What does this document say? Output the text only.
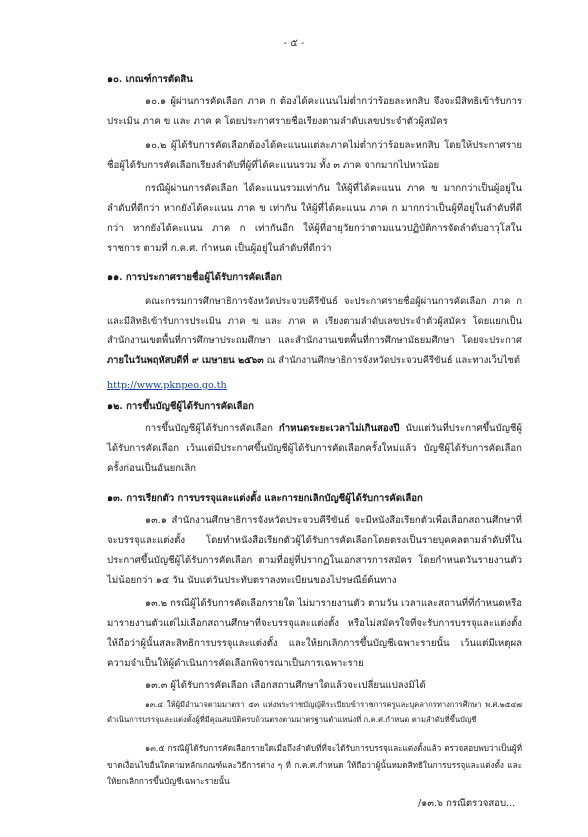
- ๕ -
๑๐. เกณฑ์การตัดสิน
๑๐.๑ ผู้ผ่านการคัดเลือก ภาค ก ต้องได้คะแนนไม่ต่ำกว่าร้อยละหกสิบ จึงจะมีสิทธิเข้ารับการประเมิน ภาค ข และ ภาค ค โดยประกาศรายชื่อเรียงตามลำดับเลขประจำตัวผู้สมัคร
๑๐.๒ ผู้ได้รับการคัดเลือกต้องได้คะแนนแต่ละภาคไม่ต่ำกว่าร้อยละหกสิบ โดยให้ประกาศรายชื่อผู้ได้รับการคัดเลือกเรียงลำดับที่ผู้ที่ได้คะแนนรวม ทั้ง ๓ ภาค จากมากไปหาน้อย
กรณีผู้ผ่านการคัดเลือก ได้คะแนนรวมเท่ากัน ให้ผู้ที่ได้คะแนน ภาค ข มากกว่าเป็นผู้อยู่ในลำดับที่ดีกว่า หากยังได้คะแนน ภาค ข เท่ากัน ให้ผู้ที่ได้คะแนน ภาค ก มากกว่าเป็นผู้ที่อยู่ในลำดับที่ดีกว่า หากยังได้คะแนน ภาค ก เท่ากันอีก ให้ผู้ที่อายุวัยกว่าตามแนวปฏิบัติการจัดลำดับอาวุโสในราชการ ตามที่ ก.ค.ศ. กำหนด เป็นผู้อยู่ในลำดับที่ดีกว่า
๑๑. การประกาศรายชื่อผู้ได้รับการคัดเลือก
คณะกรรมการศึกษาธิการจังหวัดประจวบคีรีขันธ์ จะประกาศรายชื่อผู้ผ่านการคัดเลือก ภาค ก และมีสิทธิเข้ารับการประเมิน ภาค ข และ ภาค ค เรียงตามลำดับเลขประจำตัวผู้สมัคร โดยแยกเป็นสำนักงานเขตพื้นที่การศึกษาประถมศึกษา และสำนักงานเขตพื้นที่การศึกษามัธยมศึกษา โดยจะประกาศภายในวันพฤหัสบดีที่ ๙ เมษายน ๒๕๖๓ ณ สำนักงานศึกษาธิการจังหวัดประจวบคีรีขันธ์ และทางเว็บไซต์
http://www.pknpeo.go.th
๑๒. การขึ้นบัญชีผู้ได้รับการคัดเลือก
การขึ้นบัญชีผู้ได้รับการคัดเลือก กำหนดระยะเวลาไม่เกินสองปี นับแต่วันที่ประกาศขึ้นบัญชีผู้ได้รับการคัดเลือก เว้นแต่มีประกาศขึ้นบัญชีผู้ได้รับการคัดเลือกครั้งใหม่แล้ว บัญชีผู้ได้รับการคัดเลือกครั้งก่อนเป็นอันยกเลิก
๑๓. การเรียกตัว การบรรจุและแต่งตั้ง และการยกเลิกบัญชีผู้ได้รับการคัดเลือก
๑๓.๑ สำนักงานศึกษาธิการจังหวัดประจวบคีรีขันธ์ จะมีหนังสือเรียกตัวเพื่อเลือกสถานศึกษาที่จะบรรจุและแต่งตั้ง โดยทำหนังสือเรียกตัวผู้ได้รับการคัดเลือกโดยตรงเป็นรายบุคคลตามลำดับที่ในประกาศขึ้นบัญชีผู้ได้รับการคัดเลือก ตามที่อยู่ที่ปรากฏในเอกสารการสมัคร โดยกำหนดวันรายงานตัว ไม่น้อยกว่า ๑๕ วัน นับแต่วันประทับตราลงทะเบียนของไปรษณีย์ต้นทาง
๑๓.๒ กรณีผู้ได้รับการคัดเลือกรายใด ไม่มารายงานตัว ตามวัน เวลาและสถานที่ที่กำหนดหรือมารายงานตัวแต่ไม่เลือกสถานศึกษาที่จะบรรจุและแต่งตั้ง หรือไม่สมัครใจที่จะรับการบรรจุและแต่งตั้ง ให้ถือว่าผู้นั้นสละสิทธิการบรรจุและแต่งตั้ง และให้ยกเลิกการขึ้นบัญชีเฉพาะรายนั้น เว้นแต่มีเหตุผลความจำเป็นให้ผู้ดำเนินการคัดเลือกพิจารณาเป็นการเฉพาะราย
๑๓.๓ ผู้ได้รับการคัดเลือก เลือกสถานศึกษาใดแล้วจะเปลี่ยนแปลงมิได้
๑๓.๔ ให้ผู้มีอำนาจตามมาตรา ๕๓ แห่งพระราชบัญญัติระเบียบข้าราชการครูและบุคลากรทางการศึกษา พ.ศ.๒๕๔๗ ดำเนินการบรรจุและแต่งตั้งผู้ที่มีคุณสมบัติครบถ้วนตรงตามมาตรฐานตำแหน่งที่ ก.ค.ศ.กำหนด ตามลำดับที่ขึ้นบัญชี
๑๓.๕ กรณีผู้ได้รับการคัดเลือกรายใดเมื่อถึงลำดับที่ที่จะได้รับการบรรจุและแต่งตั้งแล้ว ตรวจสอบพบว่าเป็นผู้ที่ขาดเงื่อนไขอื่นใดตามหลักเกณฑ์และวิธีการต่าง ๆ ที่ ก.ค.ศ.กำหนด ให้ถือว่าผู้นั้นหมดสิทธิในการบรรจุและแต่งตั้ง และให้ยกเลิกการขึ้นบัญชีเฉพาะรายนั้น
/๑๓.๖ กรณีตรวจสอบ...
